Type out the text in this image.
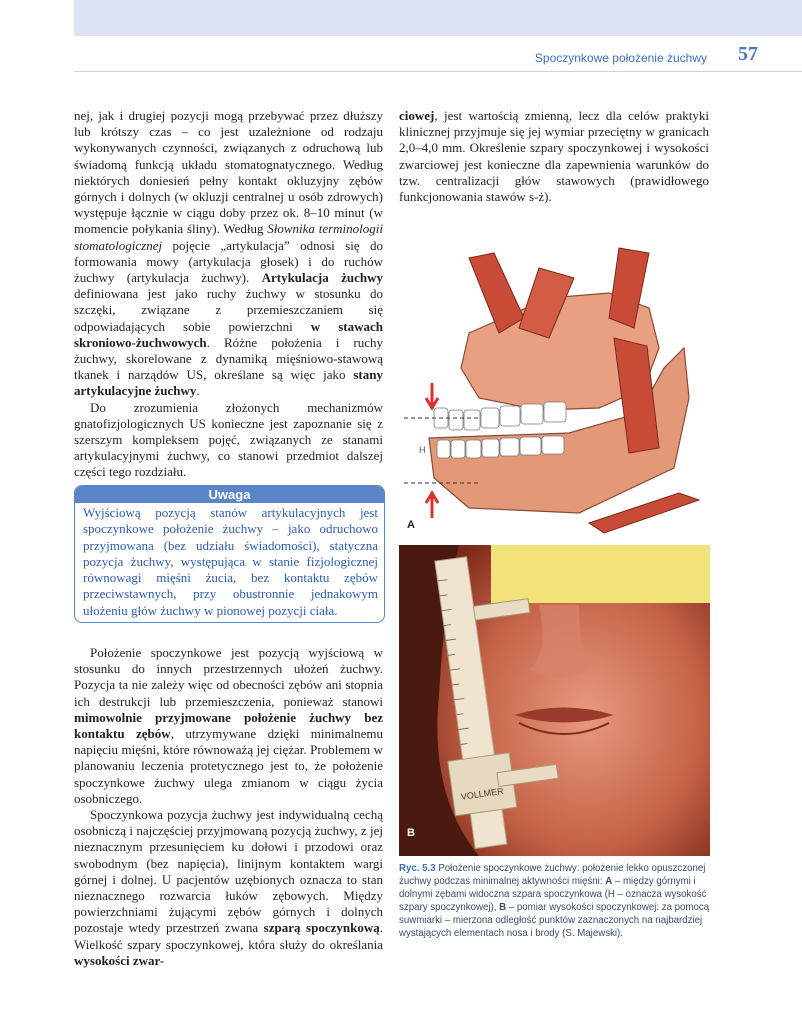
Spoczynkowe położenie żuchwy 57

nej, jak i drugiej pozycji mogą przebywać przez dłuższy lub krótszy czas – co jest uzależnione od rodzaju wykonywanych czynności, związanych z odruchową lub świadomą funkcją układu stomatognatycznego. Według niektórych doniesień pełny kontakt okluzyjny zębów górnych i dolnych (w okluzji centralnej u osób zdrowych) występuje łącznie w ciągu doby przez ok. 8–10 minut (w momencie połykania śliny). Według Słownika terminologii stomatologicznej pojęcie „artykulacja” odnosi się do formowania mowy (artykulacja głosek) i do ruchów żuchwy (artykulacja żuchwy). Artykulacja żuchwy definiowana jest jako ruchy żuchwy w stosunku do szczęki, związane z przemieszczaniem się odpowiadających sobie powierzchni w stawach skroniowo-żuchwowych. Różne położenia i ruchy żuchwy, skorelowane z dynamiką mięśniowo-stawową tkanek i narządów US, określane są więc jako stany artykulacyjne żuchwy.

Do zrozumienia złożonych mechanizmów gnatofizjologicznych US konieczne jest zapoznanie się z szerszym kompleksem pojęć, związanych ze stanami artykulacyjnymi żuchwy, co stanowi przedmiot dalszej części tego rozdziału.

Uwaga
Wyjściową pozycją stanów artykulacyjnych jest spoczynkowe położenie żuchwy – jako odruchowo przyjmowana (bez udziału świadomości), statyczna pozycja żuchwy, występująca w stanie fizjologicznej równowagi mięśni żucia, bez kontaktu zębów przeciwstawnych, przy obustronnie jednakowym ułożeniu głów żuchwy w pionowej pozycji ciała.

Położenie spoczynkowe jest pozycją wyjściową w stosunku do innych przestrzennych ułożeń żuchwy. Pozycja ta nie zależy więc od obecności zębów ani stopnia ich destrukcji lub przemieszczenia, ponieważ stanowi mimowolnie przyjmowane położenie żuchwy bez kontaktu zębów, utrzymywane dzięki minimalnemu napięciu mięśni, które równoważą jej ciężar. Problemem w planowaniu leczenia protetycznego jest to, że położenie spoczynkowe żuchwy ulega zmianom w ciągu życia osobniczego.

Spoczynkowa pozycja żuchwy jest indywidualną cechą osobniczą i najczęściej przyjmowaną pozycją żuchwy, z jej nieznacznym przesunięciem ku dołowi i przodowi oraz swobodnym (bez napięcia), linijnym kontaktem wargi górnej i dolnej. U pacjentów uzębionych oznacza to stan nieznacznego rozwarcia łuków zębowych. Między powierzchniami żującymi zębów górnych i dolnych pozostaje wtedy przestrzeń zwana szparą spoczynkową. Wielkość szpary spoczynkowej, która służy do określania wysokości zwar-

ciowej, jest wartością zmienną, lecz dla celów praktyki klinicznej przyjmuje się jej wymiar przeciętny w granicach 2,0–4,0 mm. Określenie szpary spoczynkowej i wysokości zwarciowej jest konieczne dla zapewnienia warunków do tzw. centralizacji głów stawowych (prawidłowego funkcjonowania stawów s-ż).

H
A
VOLLMER
B
Ryc. 5.3 Położenie spoczynkowe żuchwy: położenie lekko opuszczonej żuchwy podczas minimalnej aktywności mięśni: A – między górnymi i dolnymi zębami widoczna szpara spoczynkowa (H – oznacza wysokość szpary spoczynkowej), B – pomiar wysokości spoczynkowej: za pomocą suwmiarki – mierzona odległość punktów zaznaczonych na najbardziej wystających elementach nosa i brody (S. Majewski).
